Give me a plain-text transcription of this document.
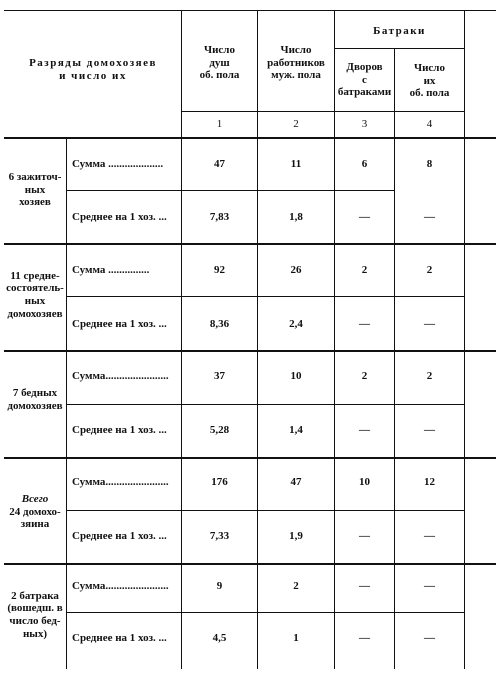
Разряды домохозяев
и число их
Число
душ
об. пола
Число
работников
муж. пола
Батраки
Дворов
с батраками
Число
их
об. пола
1	2	3	4
6 зажиточ-
ных
хозяев
Сумма ....................	47	11	6	8
Среднее на 1 хоз. ...	7,83	1,8	—	—
11 средне-
состоятель-
ных
домохозяев
Сумма ...............	92	26	2	2
Среднее на 1 хоз. ...	8,36	2,4	—	—
7 бедных
домохозяев
Сумма.......................	37	10	2	2
Среднее на 1 хоз. ...	5,28	1,4	—	—
Всего
24 домохо-
зяина
Сумма.......................	176	47	10	12
Среднее на 1 хоз. ...	7,33	1,9	—	—
2 батрака
(вошедш. в
число бед-
ных)
Сумма.......................	9	2	—	—
Среднее на 1 хоз. ...	4,5	1	—	—
